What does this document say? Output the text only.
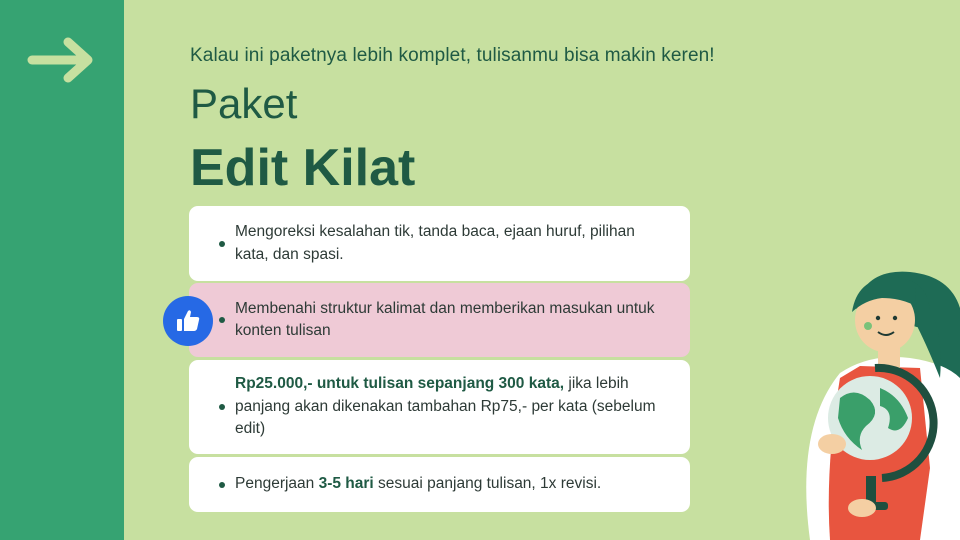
Kalau ini paketnya lebih komplet, tulisanmu bisa makin keren!
Paket
Edit Kilat
Mengoreksi kesalahan tik, tanda baca, ejaan huruf, pilihan kata, dan spasi.
Membenahi struktur kalimat dan memberikan masukan untuk konten tulisan
Rp25.000,- untuk tulisan sepanjang 300 kata, jika lebih panjang akan dikenakan tambahan Rp75,- per kata (sebelum edit)
Pengerjaan 3-5 hari sesuai panjang tulisan, 1x revisi.
